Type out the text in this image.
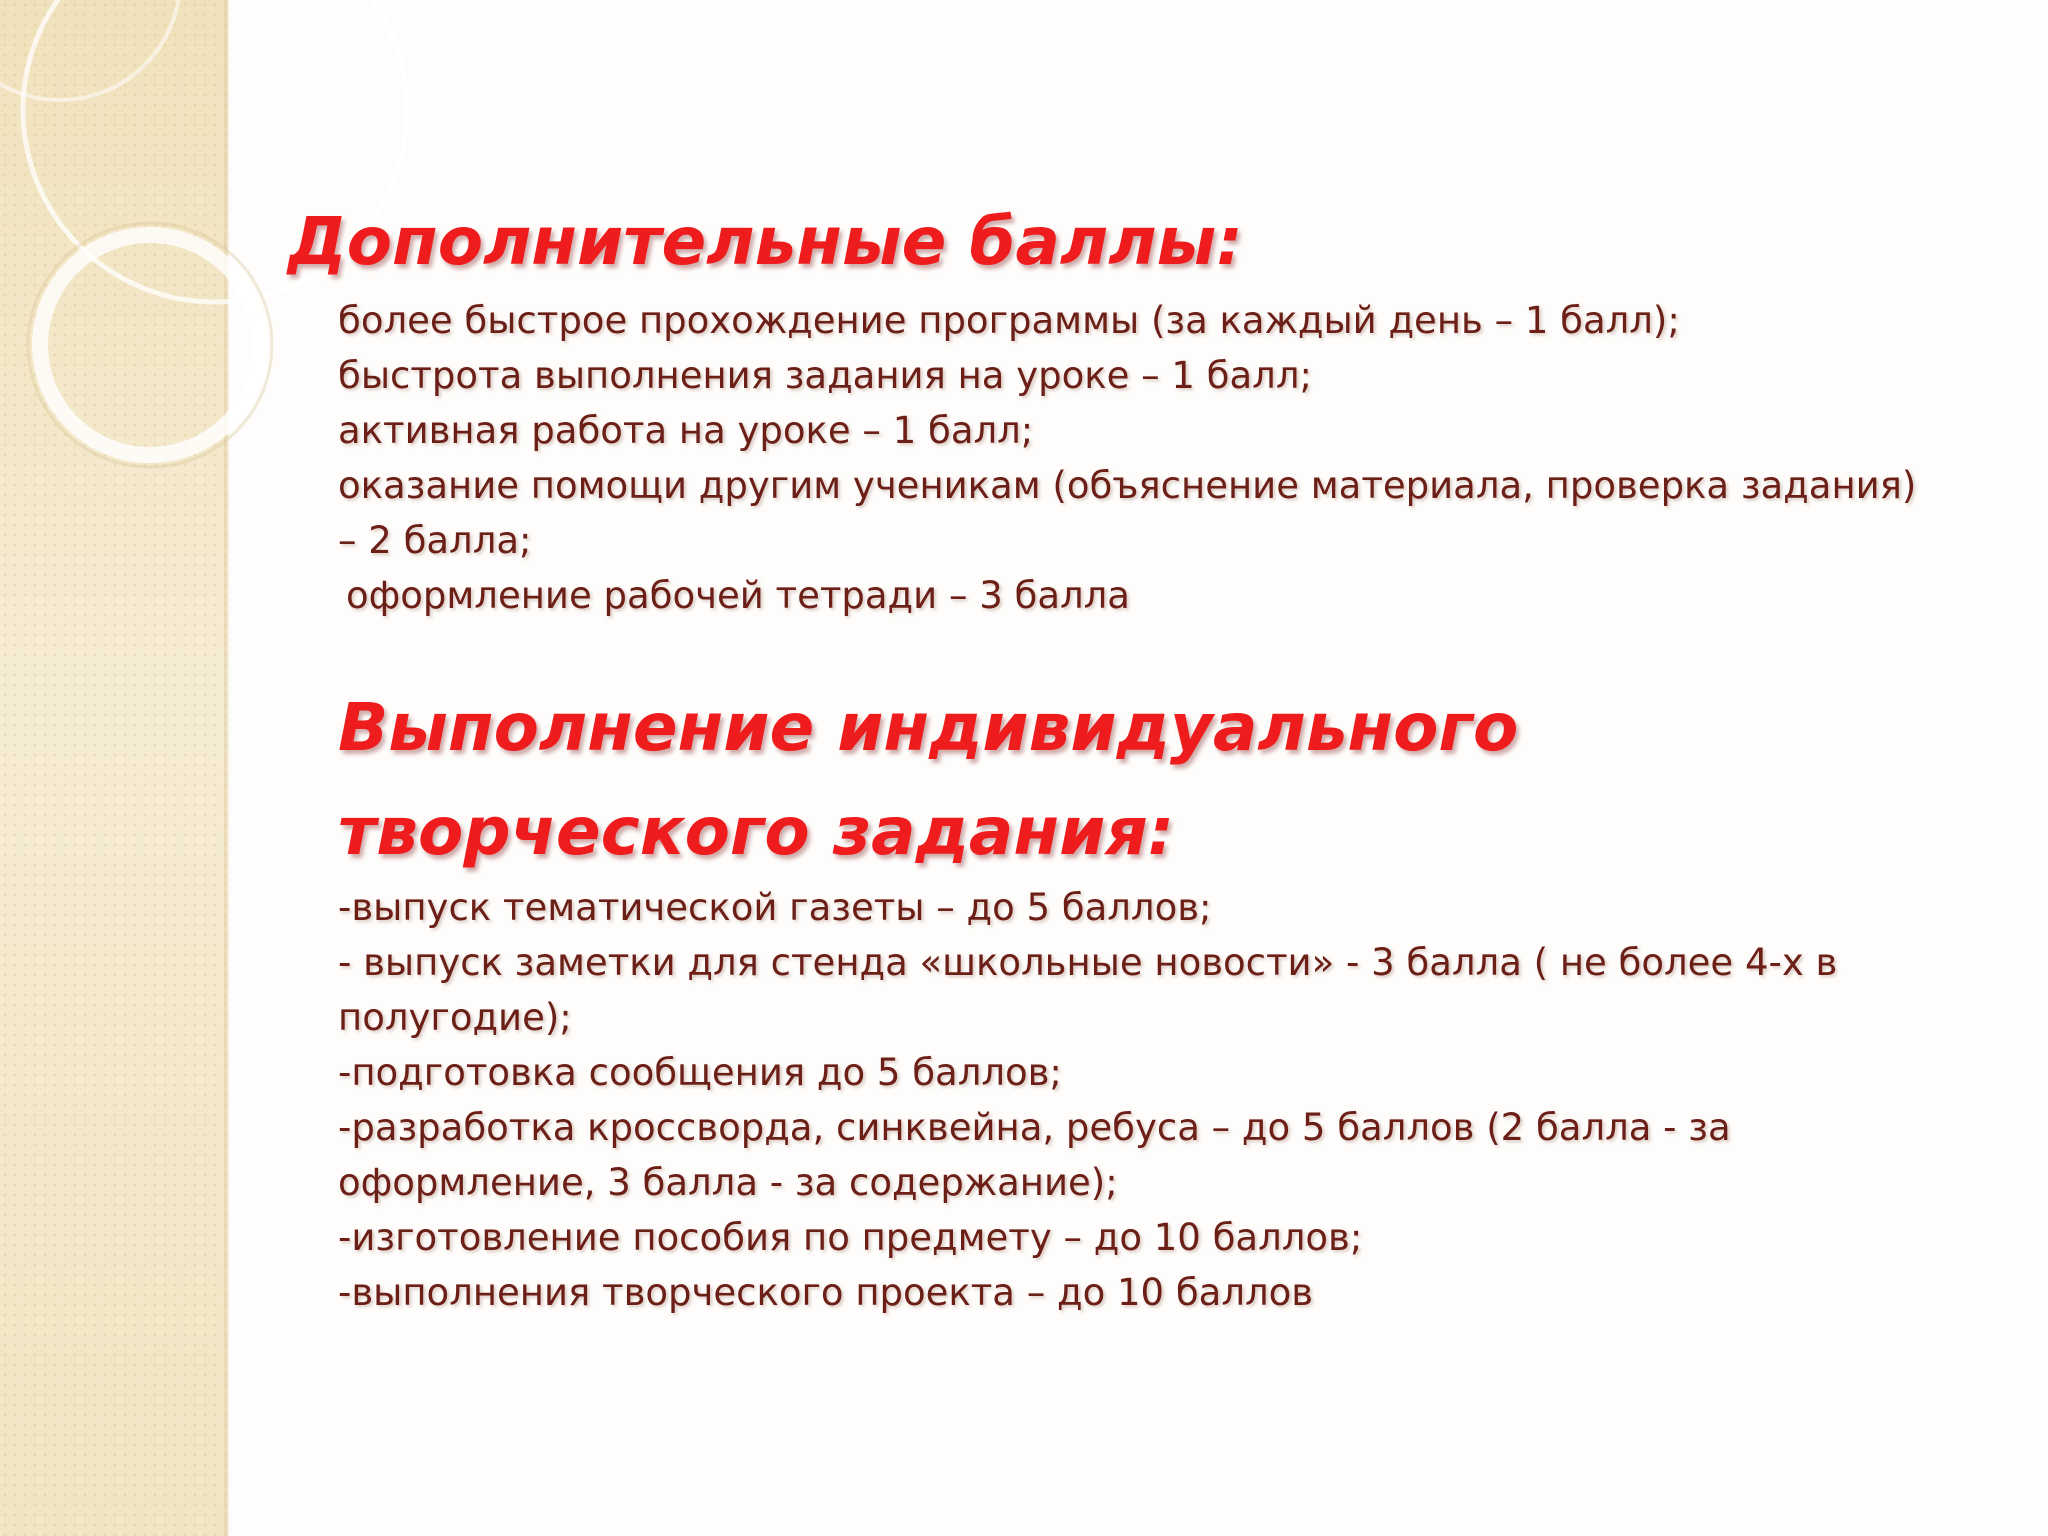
Дополнительные баллы:
более быстрое прохождение программы (за каждый день – 1 балл);
быстрота выполнения задания на уроке – 1 балл;
активная работа на уроке – 1 балл;
оказание помощи другим ученикам (объяснение материала, проверка задания)
– 2 балла;
оформление рабочей тетради – 3 балла
Выполнение индивидуального
творческого задания:
-выпуск тематической газеты – до 5 баллов;
- выпуск заметки для стенда «школьные новости» - 3 балла ( не более 4-х в
полугодие);
-подготовка сообщения до 5 баллов;
-разработка кроссворда, синквейна, ребуса – до 5 баллов (2 балла - за
оформление, 3 балла - за содержание);
-изготовление пособия по предмету – до 10 баллов;
-выполнения творческого проекта – до 10 баллов
